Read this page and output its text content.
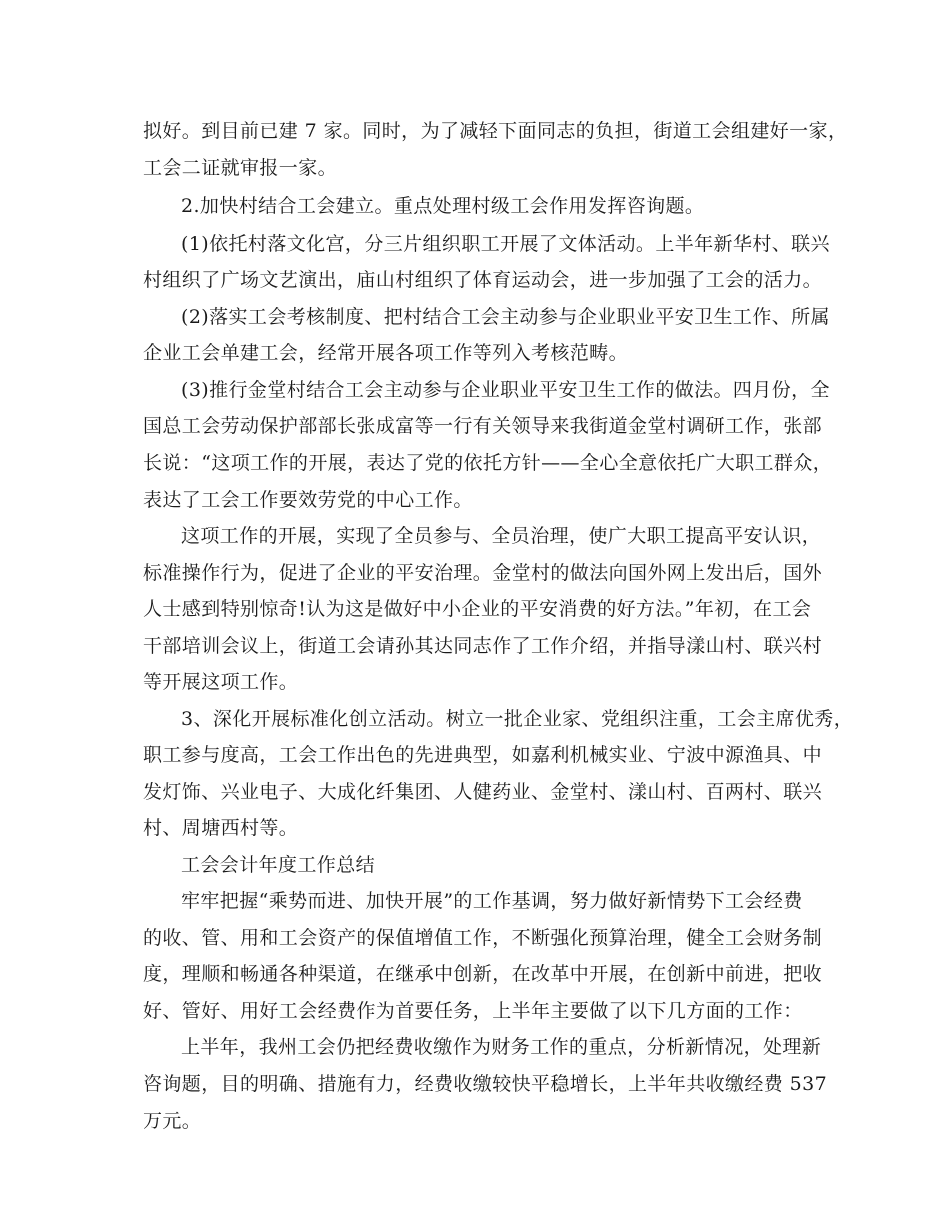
拟好。到目前已建 7 家。同时，为了减轻下面同志的负担，街道工会组建好一家，
工会二证就审报一家。
2.加快村结合工会建立。重点处理村级工会作用发挥咨询题。
(1)依托村落文化宫，分三片组织职工开展了文体活动。上半年新华村、联兴
村组织了广场文艺演出，庙山村组织了体育运动会，进一步加强了工会的活力。
(2)落实工会考核制度、把村结合工会主动参与企业职业平安卫生工作、所属
企业工会单建工会，经常开展各项工作等列入考核范畴。
(3)推行金堂村结合工会主动参与企业职业平安卫生工作的做法。四月份，全
国总工会劳动保护部部长张成富等一行有关领导来我街道金堂村调研工作，张部
长说：“这项工作的开展，表达了党的依托方针——全心全意依托广大职工群众，
表达了工会工作要效劳党的中心工作。
这项工作的开展，实现了全员参与、全员治理，使广大职工提高平安认识，
标准操作行为，促进了企业的平安治理。金堂村的做法向国外网上发出后，国外
人士感到特别惊奇!认为这是做好中小企业的平安消费的好方法。”年初，在工会
干部培训会议上，街道工会请孙其达同志作了工作介绍，并指导漾山村、联兴村
等开展这项工作。
3、深化开展标准化创立活动。树立一批企业家、党组织注重，工会主席优秀，
职工参与度高，工会工作出色的先进典型，如嘉利机械实业、宁波中源渔具、中
发灯饰、兴业电子、大成化纤集团、人健药业、金堂村、漾山村、百两村、联兴
村、周塘西村等。
工会会计年度工作总结
牢牢把握“乘势而进、加快开展”的工作基调，努力做好新情势下工会经费
的收、管、用和工会资产的保值增值工作，不断强化预算治理，健全工会财务制
度，理顺和畅通各种渠道，在继承中创新，在改革中开展，在创新中前进，把收
好、管好、用好工会经费作为首要任务，上半年主要做了以下几方面的工作：
上半年，我州工会仍把经费收缴作为财务工作的重点，分析新情况，处理新
咨询题，目的明确、措施有力，经费收缴较快平稳增长，上半年共收缴经费 537
万元。
